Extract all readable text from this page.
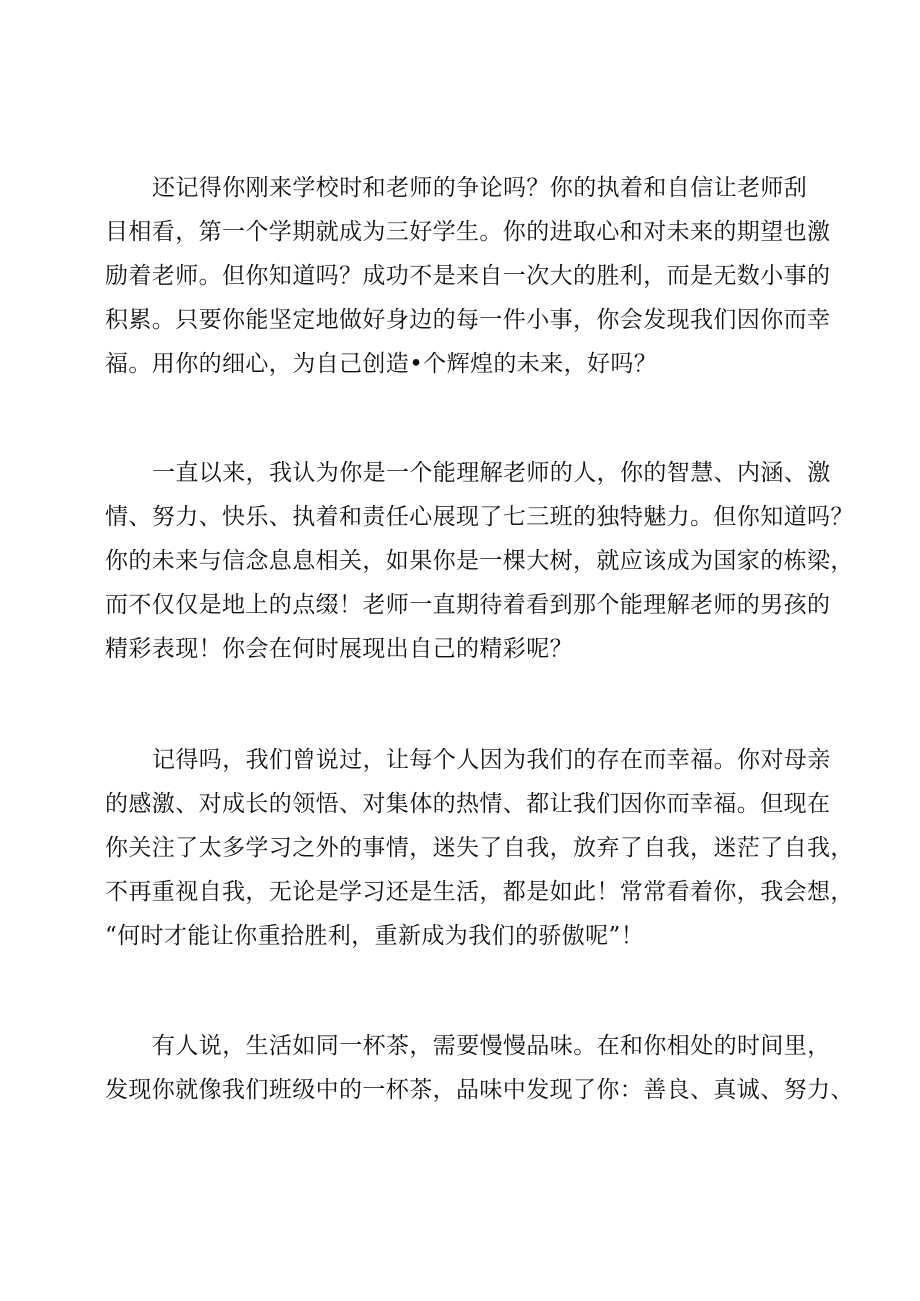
还记得你刚来学校时和老师的争论吗？你的执着和自信让老师刮
目相看，第一个学期就成为三好学生。你的进取心和对未来的期望也激
励着老师。但你知道吗？成功不是来自一次大的胜利，而是无数小事的
积累。只要你能坚定地做好身边的每一件小事，你会发现我们因你而幸
福。用你的细心，为自己创造•个辉煌的未来，好吗？
一直以来，我认为你是一个能理解老师的人，你的智慧、内涵、激
情、努力、快乐、执着和责任心展现了七三班的独特魅力。但你知道吗？
你的未来与信念息息相关，如果你是一棵大树，就应该成为国家的栋梁，
而不仅仅是地上的点缀！老师一直期待着看到那个能理解老师的男孩的
精彩表现！你会在何时展现出自己的精彩呢？
记得吗，我们曾说过，让每个人因为我们的存在而幸福。你对母亲
的感激、对成长的领悟、对集体的热情、都让我们因你而幸福。但现在
你关注了太多学习之外的事情，迷失了自我，放弃了自我，迷茫了自我，
不再重视自我，无论是学习还是生活，都是如此！常常看着你，我会想，
“何时才能让你重拾胜利，重新成为我们的骄傲呢”！
有人说，生活如同一杯茶，需要慢慢品味。在和你相处的时间里，
发现你就像我们班级中的一杯茶，品味中发现了你：善良、真诚、努力、
